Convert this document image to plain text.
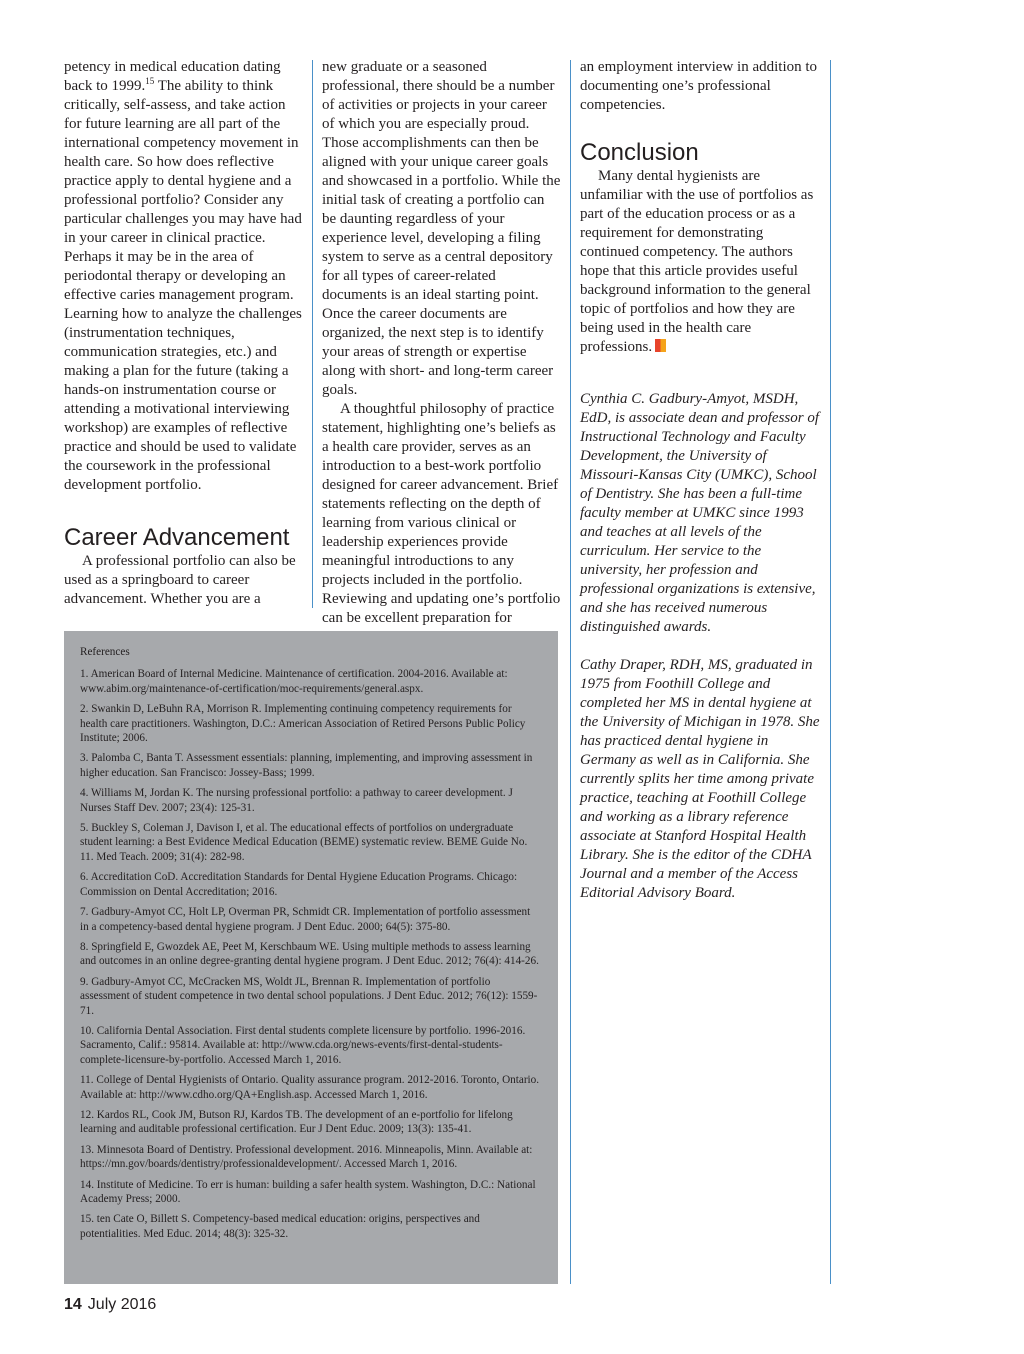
petency in medical education dating back to 1999.15 The ability to think critically, self-assess, and take action for future learning are all part of the international competency movement in health care. So how does reflective practice apply to dental hygiene and a professional portfolio? Consider any particular challenges you may have had in your career in clinical practice. Perhaps it may be in the area of periodontal therapy or developing an effective caries management program. Learning how to analyze the challenges (instrumentation techniques, communication strategies, etc.) and making a plan for the future (taking a hands-on instrumentation course or attending a motivational interviewing workshop) are examples of reflective practice and should be used to validate the coursework in the professional development portfolio.

Career Advancement

A professional portfolio can also be used as a springboard to career advancement. Whether you are a

new graduate or a seasoned professional, there should be a number of activities or projects in your career of which you are especially proud. Those accomplishments can then be aligned with your unique career goals and showcased in a portfolio. While the initial task of creating a portfolio can be daunting regardless of your experience level, developing a filing system to serve as a central depository for all types of career-related documents is an ideal starting point. Once the career documents are organized, the next step is to identify your areas of strength or expertise along with short- and long-term career goals.

A thoughtful philosophy of practice statement, highlighting one’s beliefs as a health care provider, serves as an introduction to a best-work portfolio designed for career advancement. Brief statements reflecting on the depth of learning from various clinical or leadership experiences provide meaningful introductions to any projects included in the portfolio. Reviewing and updating one’s portfolio can be excellent preparation for

an employment interview in addition to documenting one’s professional competencies.

Conclusion

Many dental hygienists are unfamiliar with the use of portfolios as part of the education process or as a requirement for demonstrating continued competency. The authors hope that this article provides useful background information to the general topic of portfolios and how they are being used in the health care professions.

Cynthia C. Gadbury-Amyot, MSDH, EdD, is associate dean and professor of Instructional Technology and Faculty Development, the University of Missouri-Kansas City (UMKC), School of Dentistry. She has been a full-time faculty member at UMKC since 1993 and teaches at all levels of the curriculum. Her service to the university, her profession and professional organizations is extensive, and she has received numerous distinguished awards.

Cathy Draper, RDH, MS, graduated in 1975 from Foothill College and completed her MS in dental hygiene at the University of Michigan in 1978. She has practiced dental hygiene in Germany as well as in California. She currently splits her time among private practice, teaching at Foothill College and working as a library reference associate at Stanford Hospital Health Library. She is the editor of the CDHA Journal and a member of the Access Editorial Advisory Board.

References

1. American Board of Internal Medicine. Maintenance of certification. 2004-2016. Available at: www.abim.org/maintenance-of-certification/moc-requirements/general.aspx.
2. Swankin D, LeBuhn RA, Morrison R. Implementing continuing competency requirements for health care practitioners. Washington, D.C.: American Association of Retired Persons Public Policy Institute; 2006.
3. Palomba C, Banta T. Assessment essentials: planning, implementing, and improving assessment in higher education. San Francisco: Jossey-Bass; 1999.
4. Williams M, Jordan K. The nursing professional portfolio: a pathway to career development. J Nurses Staff Dev. 2007; 23(4): 125-31.
5. Buckley S, Coleman J, Davison I, et al. The educational effects of portfolios on undergraduate student learning: a Best Evidence Medical Education (BEME) systematic review. BEME Guide No. 11. Med Teach. 2009; 31(4): 282-98.
6. Accreditation CoD. Accreditation Standards for Dental Hygiene Education Programs. Chicago: Commission on Dental Accreditation; 2016.
7. Gadbury-Amyot CC, Holt LP, Overman PR, Schmidt CR. Implementation of portfolio assessment in a competency-based dental hygiene program. J Dent Educ. 2000; 64(5): 375-80.
8. Springfield E, Gwozdek AE, Peet M, Kerschbaum WE. Using multiple methods to assess learning and outcomes in an online degree-granting dental hygiene program. J Dent Educ. 2012; 76(4): 414-26.
9. Gadbury-Amyot CC, McCracken MS, Woldt JL, Brennan R. Implementation of portfolio assessment of student competence in two dental school populations. J Dent Educ. 2012; 76(12): 1559-71.
10. California Dental Association. First dental students complete licensure by portfolio. 1996-2016. Sacramento, Calif.: 95814. Available at: http://www.cda.org/news-events/first-dental-students-complete-licensure-by-portfolio. Accessed March 1, 2016.
11. College of Dental Hygienists of Ontario. Quality assurance program. 2012-2016. Toronto, Ontario. Available at: http://www.cdho.org/QA+English.asp. Accessed March 1, 2016.
12. Kardos RL, Cook JM, Butson RJ, Kardos TB. The development of an e-portfolio for lifelong learning and auditable professional certification. Eur J Dent Educ. 2009; 13(3): 135-41.
13. Minnesota Board of Dentistry. Professional development. 2016. Minneapolis, Minn. Available at: https://mn.gov/boards/dentistry/professionaldevelopment/. Accessed March 1, 2016.
14. Institute of Medicine. To err is human: building a safer health system. Washington, D.C.: National Academy Press; 2000.
15. ten Cate O, Billett S. Competency‐based medical education: origins, perspectives and potentialities. Med Educ. 2014; 48(3): 325-32.
14 July 2016
